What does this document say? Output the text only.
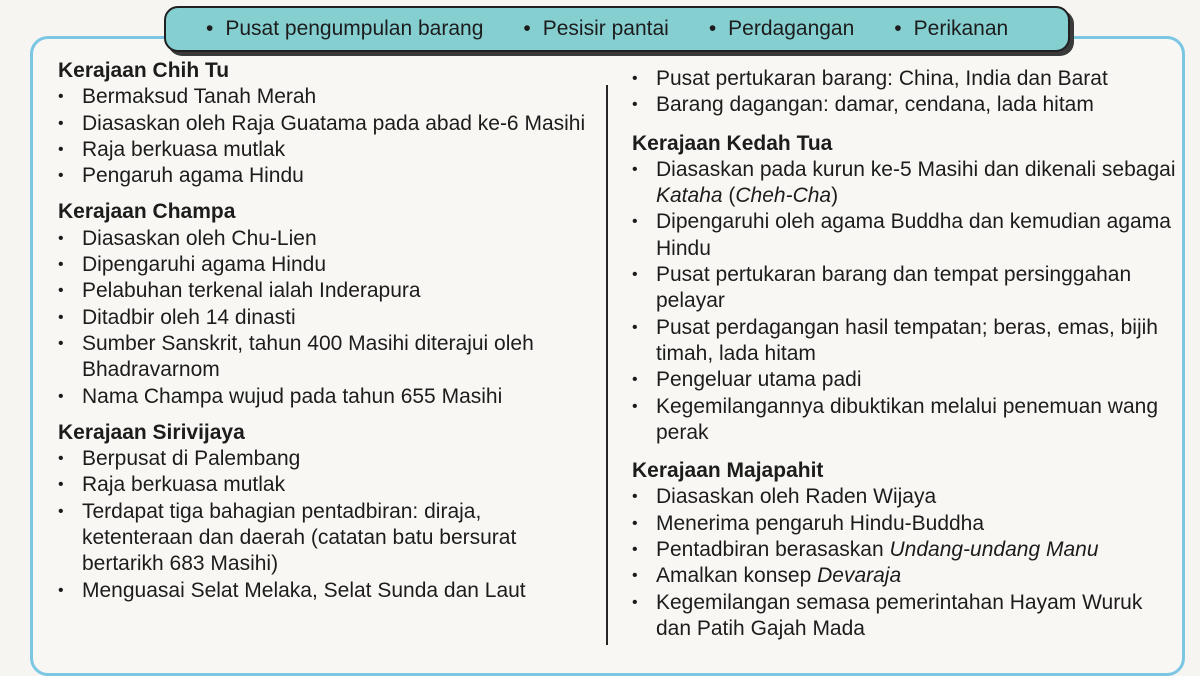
• Pusat pengumpulan barang	• Pesisir pantai	• Perdagangan	• Perikanan

Kerajaan Chih Tu

• Bermaksud Tanah Merah
• Diasaskan oleh Raja Guatama pada abad ke-6 Masihi
• Raja berkuasa mutlak
• Pengaruh agama Hindu

Kerajaan Champa

• Diasaskan oleh Chu-Lien
• Dipengaruhi agama Hindu
• Pelabuhan terkenal ialah Inderapura
• Ditadbir oleh 14 dinasti
• Sumber Sanskrit, tahun 400 Masihi diterajui oleh Bhadravarnom
• Nama Champa wujud pada tahun 655 Masihi

Kerajaan Sirivijaya

• Berpusat di Palembang
• Raja berkuasa mutlak
• Terdapat tiga bahagian pentadbiran: diraja, ketenteraan dan daerah (catatan batu bersurat bertarikh 683 Masihi)
• Menguasai Selat Melaka, Selat Sunda dan Laut
• Pusat pertukaran barang: China, India dan Barat
• Barang dagangan: damar, cendana, lada hitam

Kerajaan Kedah Tua

• Diasaskan pada kurun ke-5 Masihi dan dikenali sebagai Kataha (Cheh-Cha)
• Dipengaruhi oleh agama Buddha dan kemudian agama Hindu
• Pusat pertukaran barang dan tempat persinggahan pelayar
• Pusat perdagangan hasil tempatan; beras, emas, bijih timah, lada hitam
• Pengeluar utama padi
• Kegemilangannya dibuktikan melalui penemuan wang perak

Kerajaan Majapahit

• Diasaskan oleh Raden Wijaya
• Menerima pengaruh Hindu-Buddha
• Pentadbiran berasaskan Undang-undang Manu
• Amalkan konsep Devaraja
• Kegemilangan semasa pemerintahan Hayam Wuruk dan Patih Gajah Mada
